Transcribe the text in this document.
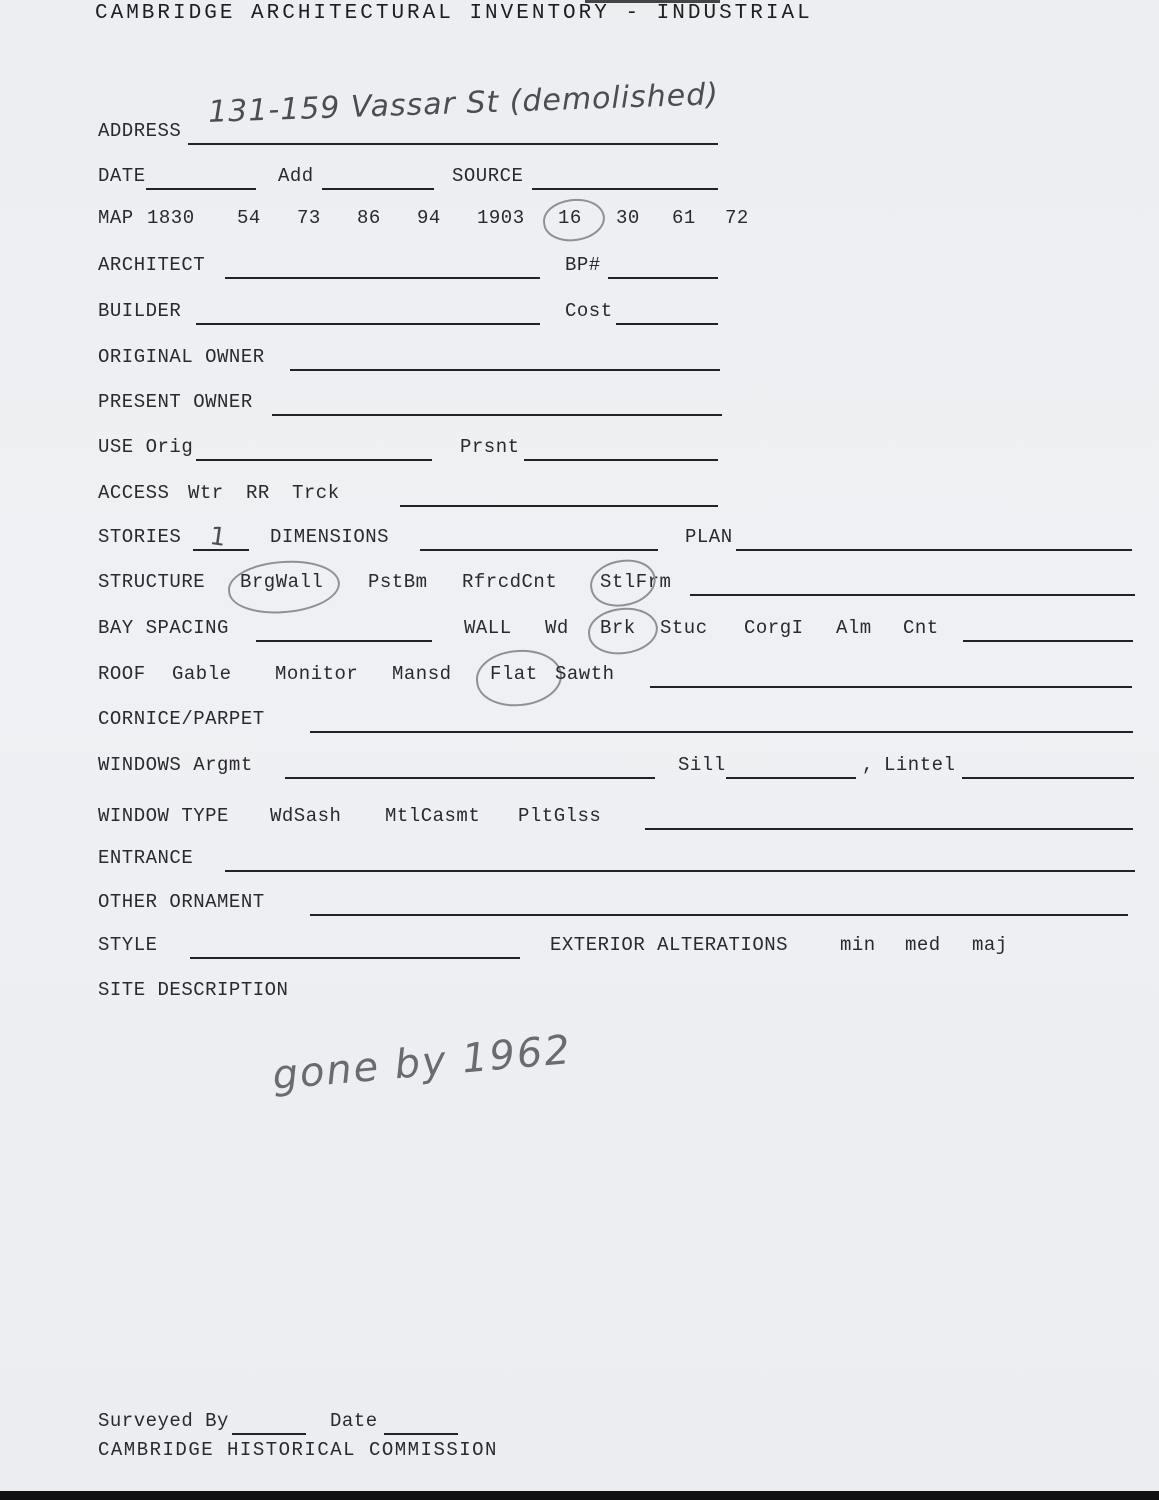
CAMBRIDGE ARCHITECTURAL INVENTORY - INDUSTRIAL
ADDRESS
131-159 Vassar St (demolished)
DATE	Add	SOURCE
MAP 1830 54 73 86 94 1903 16 30 61 72
ARCHITECT	BP#
BUILDER	Cost
ORIGINAL OWNER
PRESENT OWNER
USE Orig	Prsnt
ACCESS Wtr RR Trck
STORIES 1 DIMENSIONS	PLAN
STRUCTURE BrgWall PstBm RfrcdCnt StlFrm
BAY SPACING	WALL Wd Brk Stuc CorgI Alm Cnt
ROOF Gable Monitor Mansd Flat Sawth
CORNICE/PARPET
WINDOWS Argmt	Sill	, Lintel
WINDOW TYPE WdSash MtlCasmt PltGlss
ENTRANCE
OTHER ORNAMENT
STYLE	EXTERIOR ALTERATIONS	min med maj
SITE DESCRIPTION
gone by 1962
Surveyed By	Date
CAMBRIDGE HISTORICAL COMMISSION
